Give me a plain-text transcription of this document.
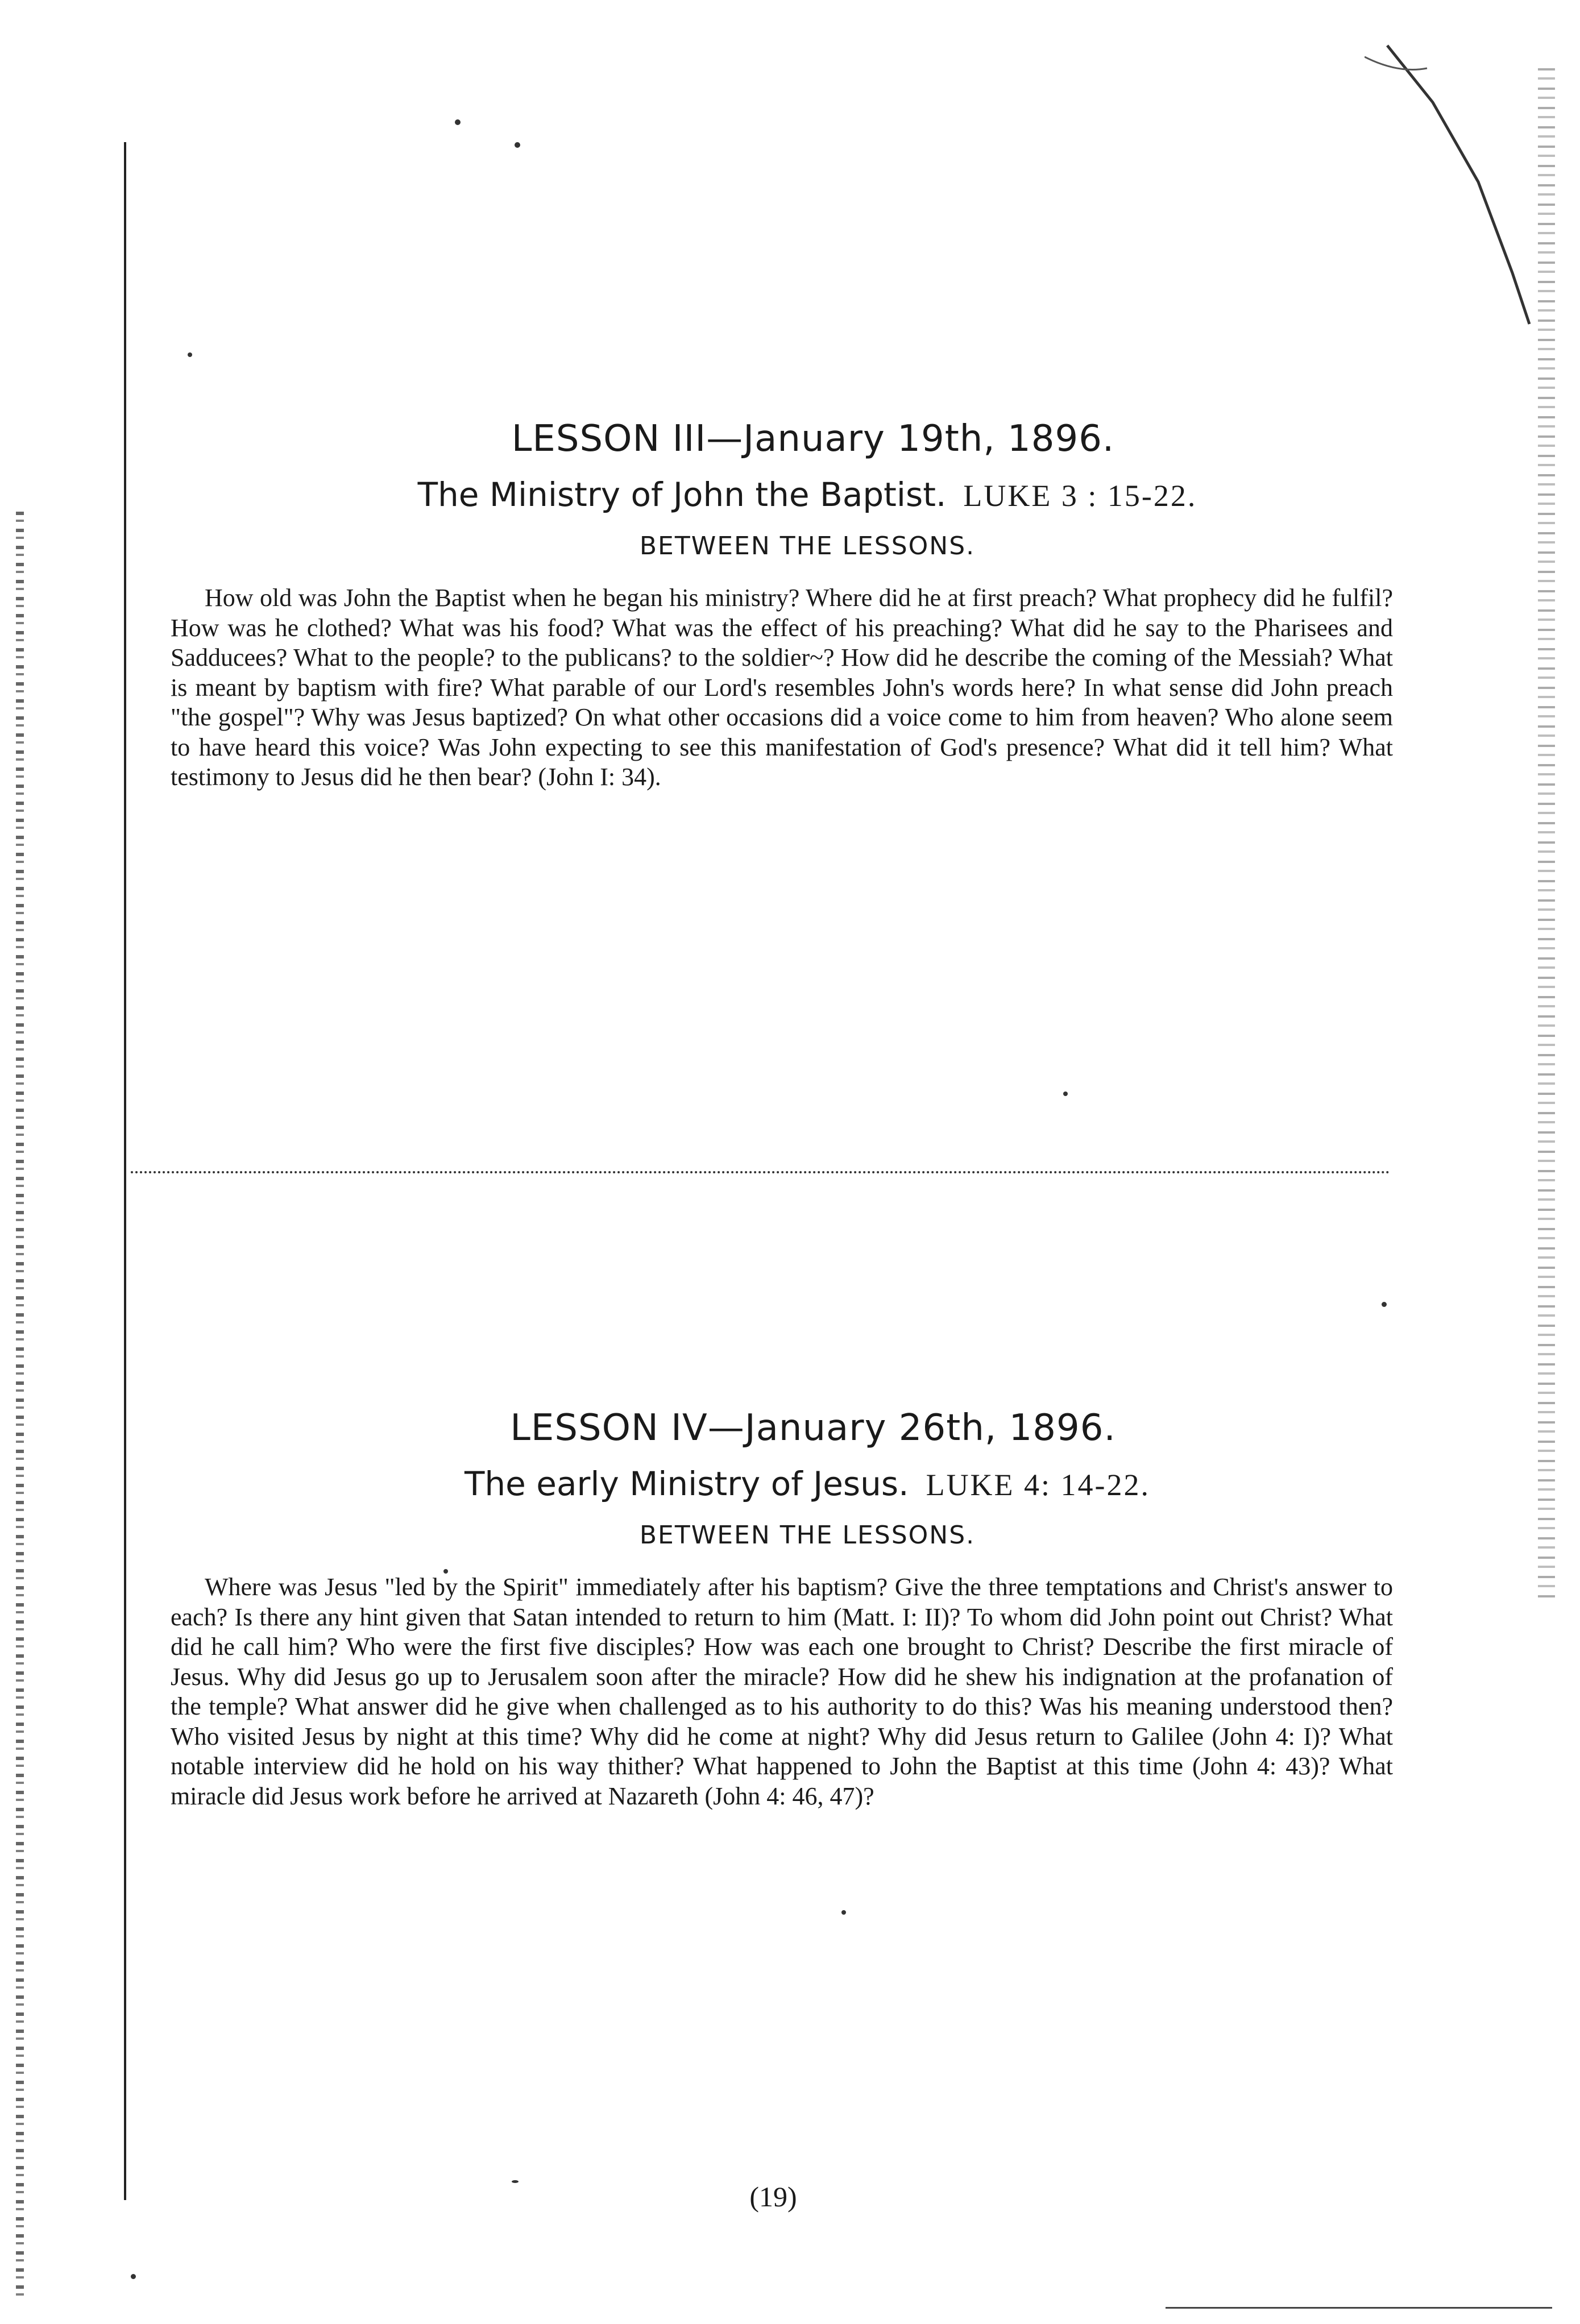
LESSON III—January 19th, 1896.

The Ministry of John the Baptist. LUKE 3 : 15-22.

BETWEEN THE LESSONS.

How old was John the Baptist when he began his ministry? Where did he at first preach? What prophecy did he fulfil? How was he clothed? What was his food? What was the effect of his preaching? What did he say to the Pharisees and Sadducees? What to the people? to the publicans? to the soldier~? How did he describe the coming of the Messiah? What is meant by baptism with fire? What parable of our Lord's resembles John's words here? In what sense did John preach "the gospel"? Why was Jesus baptized? On what other occasions did a voice come to him from heaven? Who alone seem to have heard this voice? Was John expecting to see this manifestation of God's presence? What did it tell him? What testimony to Jesus did he then bear? (John I: 34).

LESSON IV—January 26th, 1896.

The early Ministry of Jesus. LUKE 4: 14-22.

BETWEEN THE LESSONS.

Where was Jesus "led by the Spirit" immediately after his baptism? Give the three temptations and Christ's answer to each? Is there any hint given that Satan intended to return to him (Matt. I: II)? To whom did John point out Christ? What did he call him? Who were the first five disciples? How was each one brought to Christ? Describe the first miracle of Jesus. Why did Jesus go up to Jerusalem soon after the miracle? How did he shew his indignation at the profanation of the temple? What answer did he give when challenged as to his authority to do this? Was his meaning understood then? Who visited Jesus by night at this time? Why did he come at night? Why did Jesus return to Galilee (John 4: I)? What notable interview did he hold on his way thither? What happened to John the Baptist at this time (John 4: 43)? What miracle did Jesus work before he arrived at Nazareth (John 4: 46, 47)?

(19)
